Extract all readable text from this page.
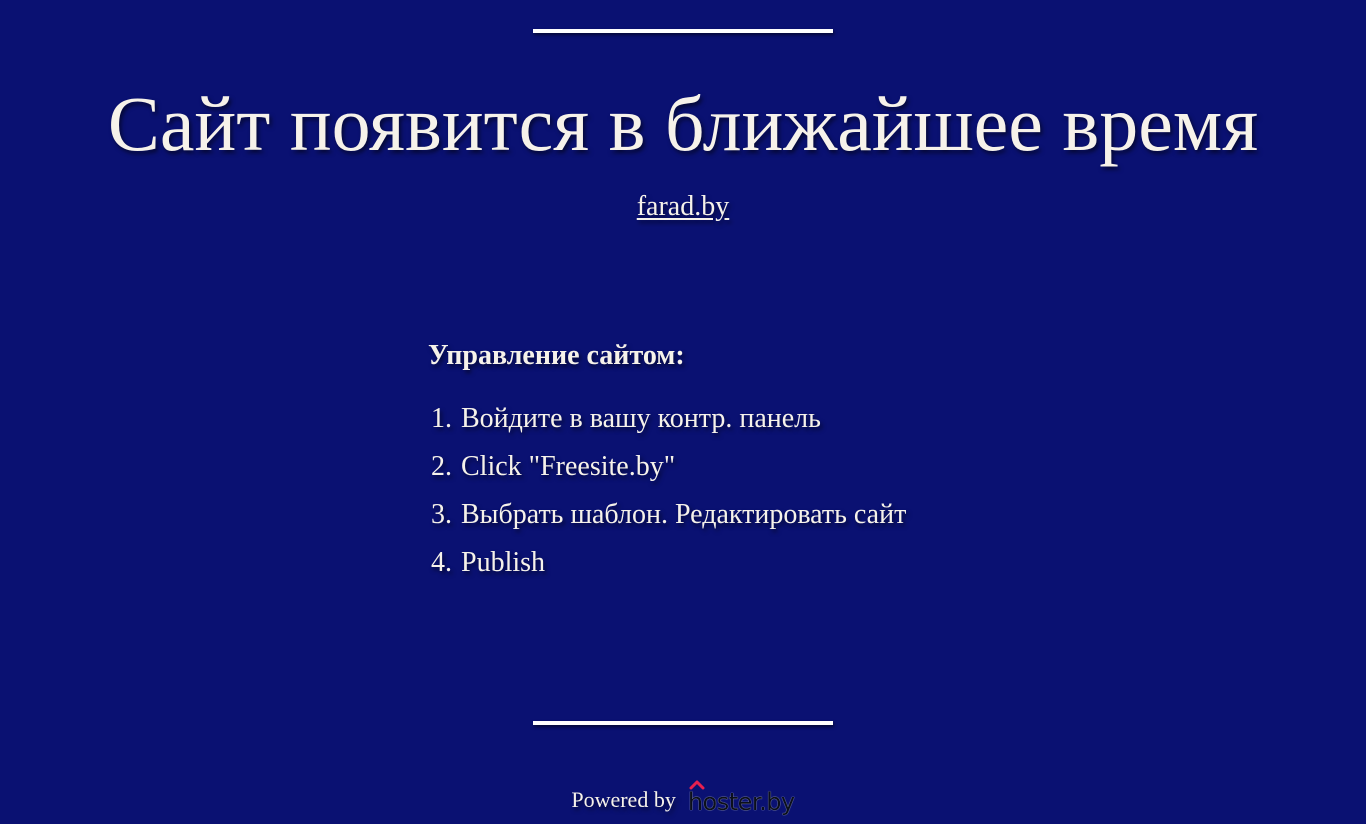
Сайт появится в ближайшее время
farad.by
Управление сайтом:
1. Войдите в вашу контр. панель
2. Click "Freesite.by"
3. Выбрать шаблон. Редактировать сайт
4. Publish
Powered by hoster.by
